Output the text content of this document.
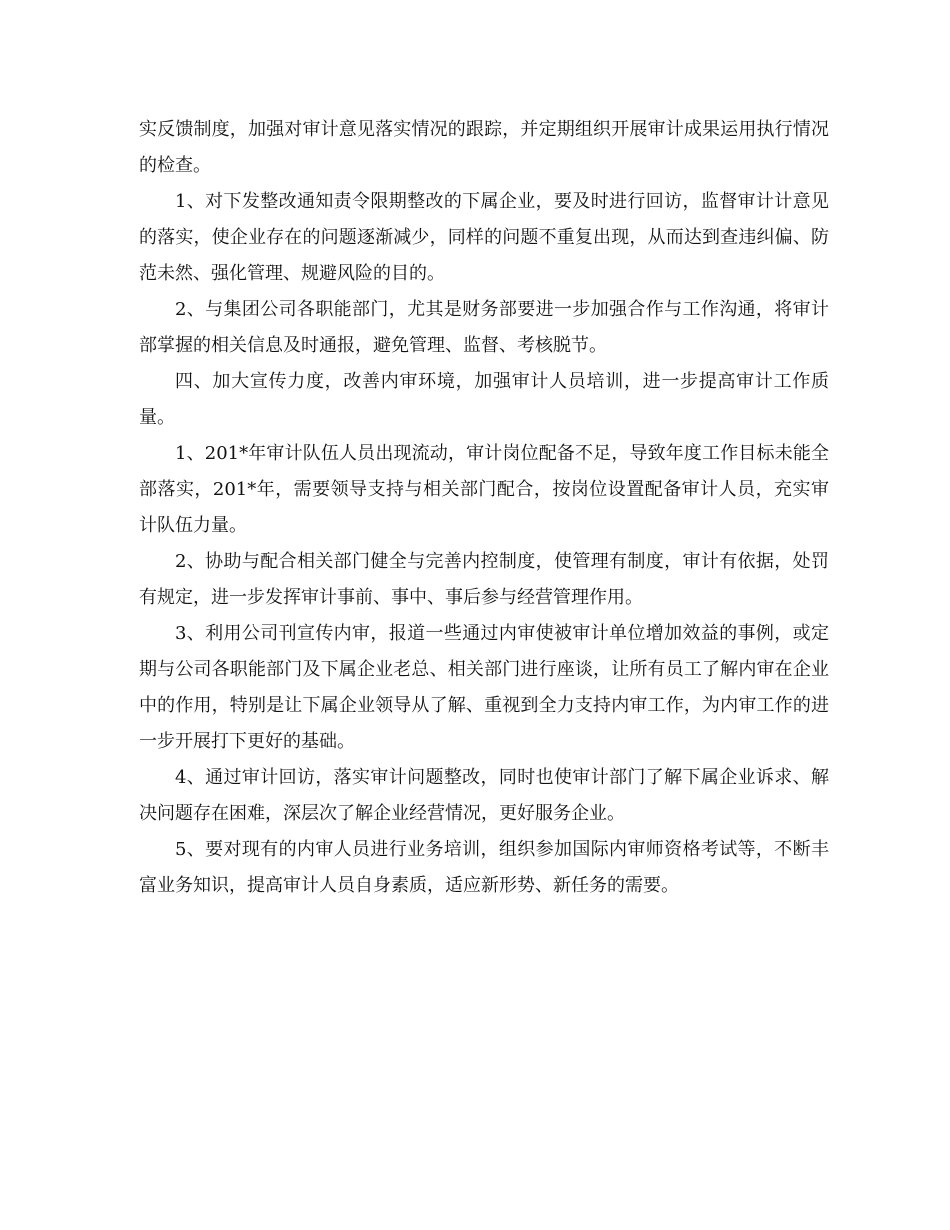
实反馈制度，加强对审计意见落实情况的跟踪，并定期组织开展审计成果运用执行情况的检查。

1、对下发整改通知责令限期整改的下属企业，要及时进行回访，监督审计计意见的落实，使企业存在的问题逐渐减少，同样的问题不重复出现，从而达到查违纠偏、防范未然、强化管理、规避风险的目的。

2、与集团公司各职能部门，尤其是财务部要进一步加强合作与工作沟通，将审计部掌握的相关信息及时通报，避免管理、监督、考核脱节。

四、加大宣传力度，改善内审环境，加强审计人员培训，进一步提高审计工作质量。

1、201*年审计队伍人员出现流动，审计岗位配备不足，导致年度工作目标未能全部落实，201*年，需要领导支持与相关部门配合，按岗位设置配备审计人员，充实审计队伍力量。

2、协助与配合相关部门健全与完善内控制度，使管理有制度，审计有依据，处罚有规定，进一步发挥审计事前、事中、事后参与经营管理作用。

3、利用公司刊宣传内审，报道一些通过内审使被审计单位增加效益的事例，或定期与公司各职能部门及下属企业老总、相关部门进行座谈，让所有员工了解内审在企业中的作用，特别是让下属企业领导从了解、重视到全力支持内审工作，为内审工作的进一步开展打下更好的基础。

4、通过审计回访，落实审计问题整改，同时也使审计部门了解下属企业诉求、解决问题存在困难，深层次了解企业经营情况，更好服务企业。

5、要对现有的内审人员进行业务培训，组织参加国际内审师资格考试等，不断丰富业务知识，提高审计人员自身素质，适应新形势、新任务的需要。
